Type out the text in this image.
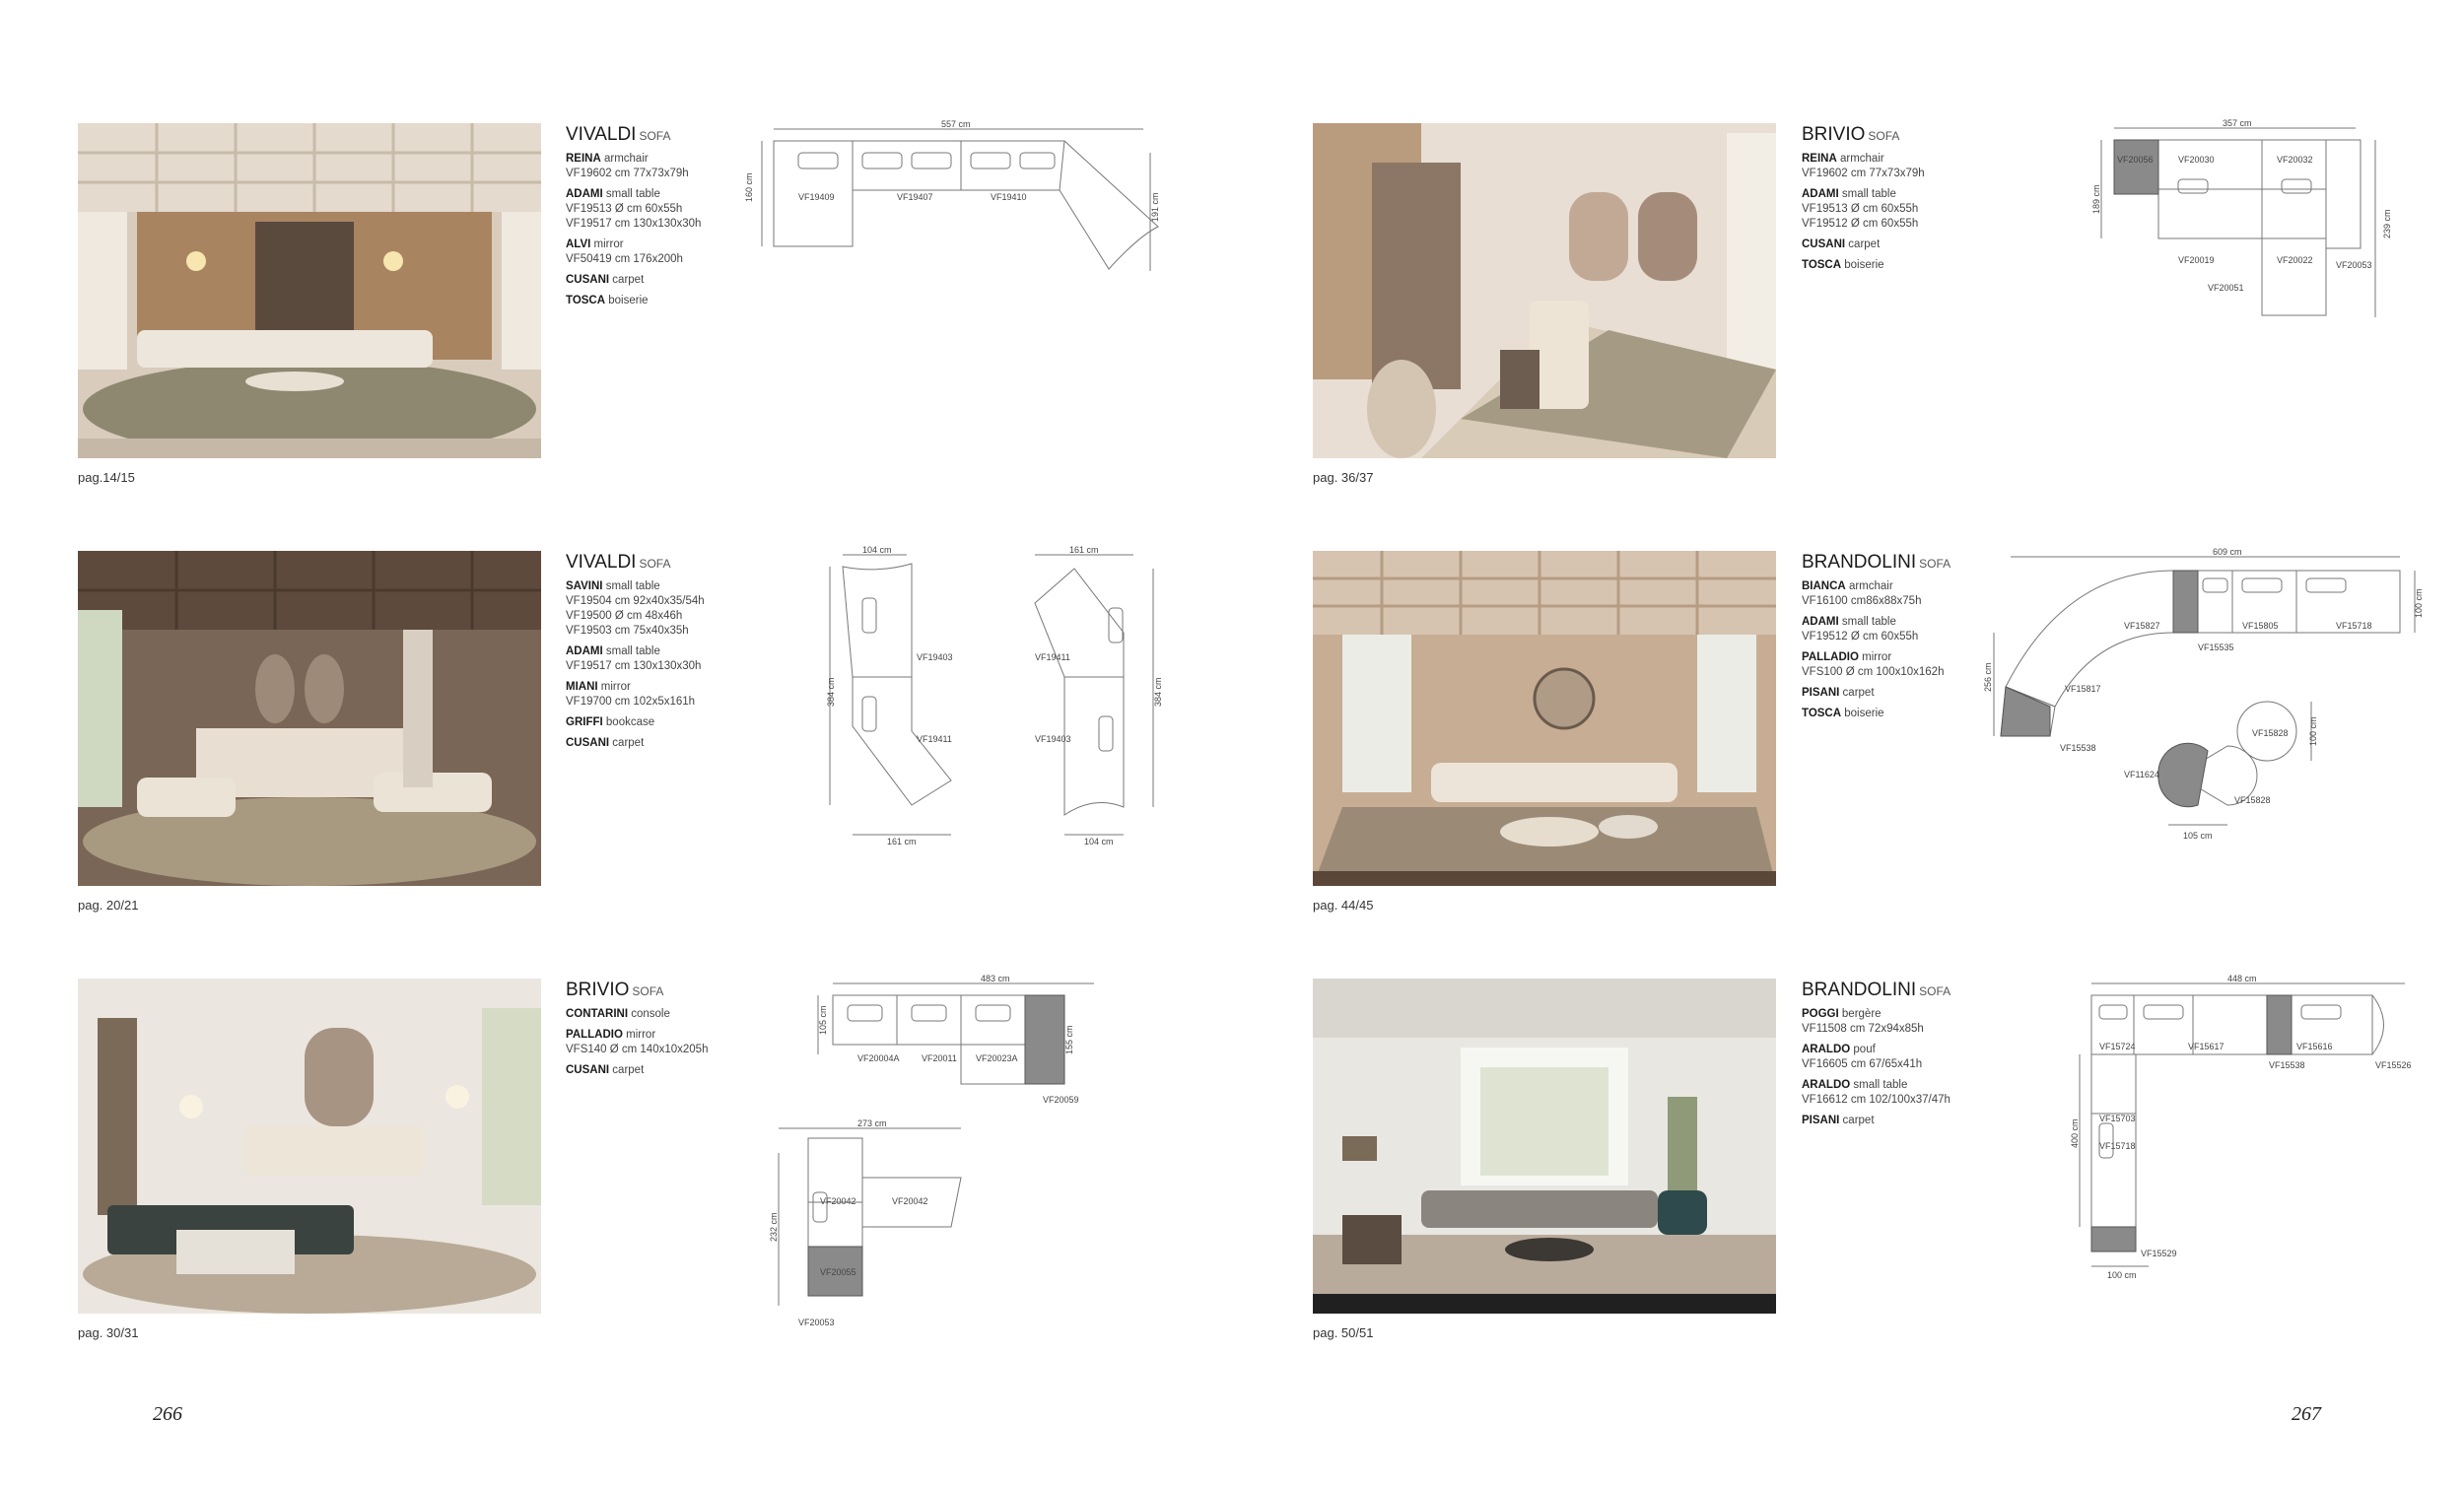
pag.14/15
pag. 20/21
pag. 30/31
pag. 36/37
pag. 44/45
pag. 50/51
VIVALDI SOFA
REINA armchair
VF19602 cm 77x73x79h
ADAMI small table
VF19513 Ø cm 60x55h
VF19517 cm 130x130x30h
ALVI mirror
VF50419 cm 176x200h
CUSANI carpet
TOSCA boiserie
VIVALDI SOFA
SAVINI small table
VF19504 cm 92x40x35/54h
VF19500 Ø cm 48x46h
VF19503 cm 75x40x35h
ADAMI small table
VF19517 cm 130x130x30h
MIANI mirror
VF19700 cm 102x5x161h
GRIFFI bookcase
CUSANI carpet
BRIVIO SOFA
CONTARINI console
PALLADIO mirror
VFS140 Ø cm 140x10x205h
CUSANI carpet
BRIVIO SOFA
REINA armchair
VF19602 cm 77x73x79h
ADAMI small table
VF19513 Ø cm 60x55h
VF19512 Ø cm 60x55h
CUSANI carpet
TOSCA boiserie
BRANDOLINI SOFA
BIANCA armchair
VF16100 cm86x88x75h
ADAMI small table
VF19512 Ø cm 60x55h
PALLADIO mirror
VFS100 Ø cm 100x10x162h
PISANI carpet
TOSCA boiserie
BRANDOLINI SOFA
POGGI bergère
VF11508 cm 72x94x85h
ARALDO pouf
VF16605 cm 67/65x41h
ARALDO small table
VF16612 cm 102/100x37/47h
PISANI carpet
557 cm
160 cm
191 cm
VF19409	VF19407	VF19410
104 cm
384 cm
161 cm
161 cm
384 cm
104 cm
VF19403
VF19411
VF19411
VF19403
483 cm
105 cm
155 cm
273 cm
232 cm
VF20004A VF20011 VF20023A
VF20059
VF20042	VF20042
VF20055
VF20053
357 cm
189 cm
239 cm
VF20056	VF20030	VF20032
VF20019	VF20022	VF20053
VF20051
609 cm
100 cm
256 cm
100 cm
105 cm
VF15827	VF15805	VF15718
VF15535
VF15817
VF15538
VF15828
VF11624
VF15828
448 cm
400 cm
100 cm
VF15724	VF15617	VF15616
VF15538	VF15526
VF15703
VF15718
VF15529
266	267
